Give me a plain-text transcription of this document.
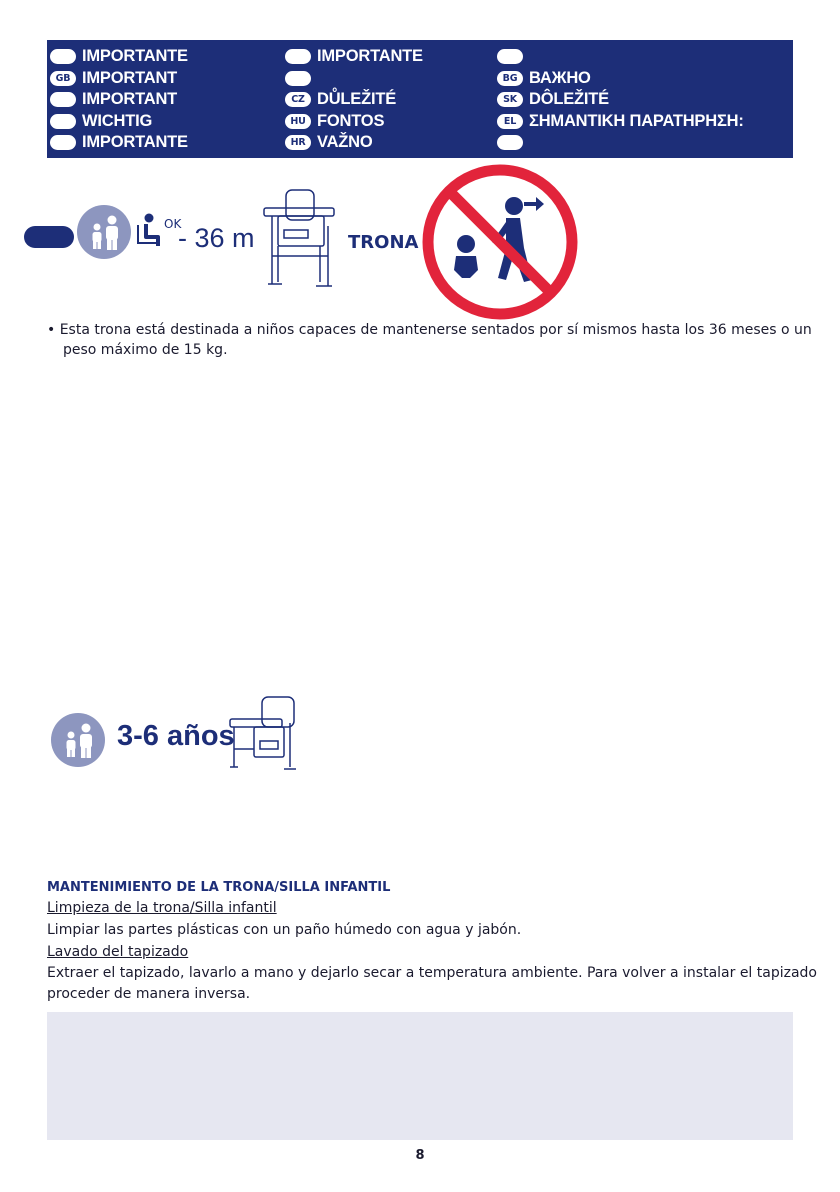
IMPORTANTE
GB IMPORTANT
IMPORTANT
WICHTIG
IMPORTANTE
IMPORTANTE
CZ DŮLEŽITÉ
HU FONTOS
HR VAŽNO
BG ВАЖНО
SK DÔLEŽITÉ
EL ΣΗΜΑΝΤΙΚΗ ΠΑΡΑΤΗΡΗΣΗ:
OK
- 36 m	TRONA
• Esta trona está destinada a niños capaces de mantenerse sentados por sí mismos hasta los 36 meses o un
peso máximo de 15 kg.
3-6 años
MANTENIMIENTO DE LA TRONA/SILLA INFANTIL
Limpieza de la trona/Silla infantil
Limpiar las partes plásticas con un paño húmedo con agua y jabón.
Lavado del tapizado
Extraer el tapizado, lavarlo a mano y dejarlo secar a temperatura ambiente. Para volver a instalar el tapizado
proceder de manera inversa.
8
